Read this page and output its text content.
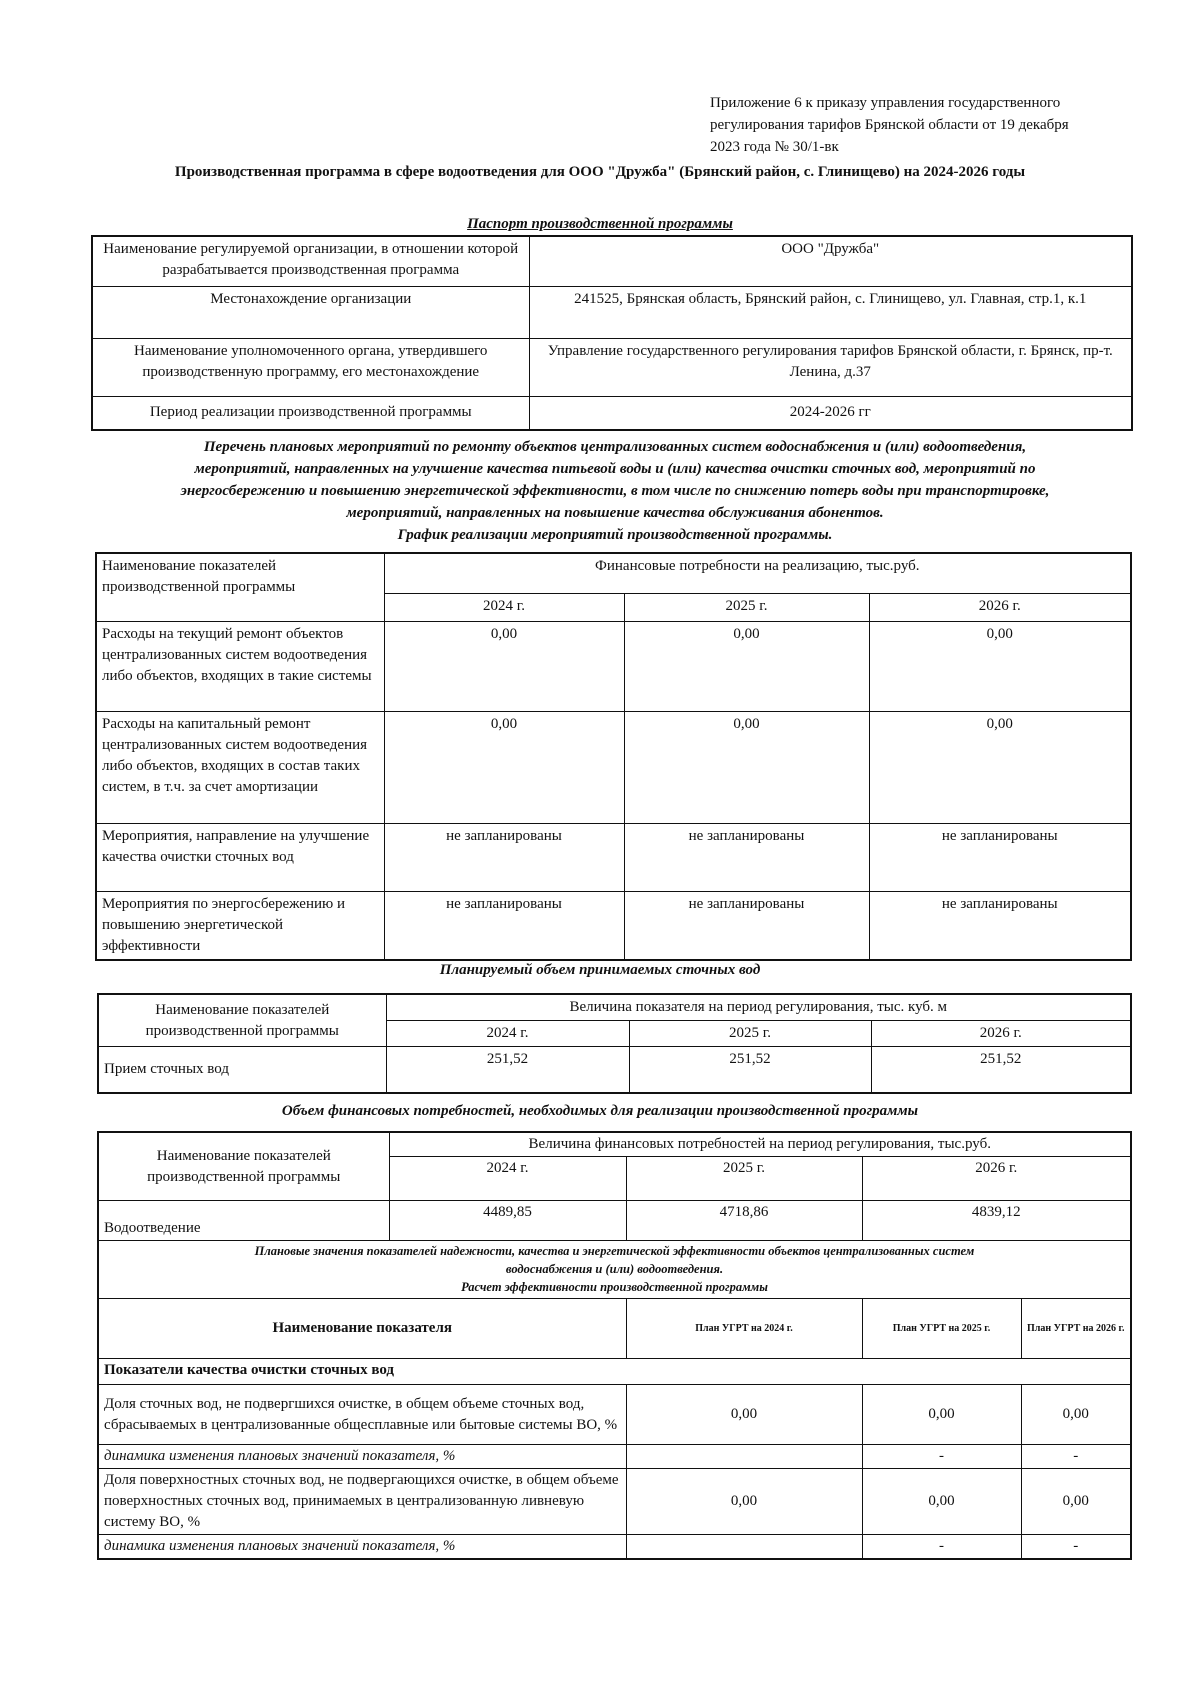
Приложение 6 к приказу управления государственного
регулирования тарифов Брянской области от 19 декабря
2023 года № 30/1-вк
Производственная программа в сфере водоотведения для ООО "Дружба" (Брянский район, с. Глинищево) на 2024-2026 годы
Паспорт производственной программы
Наименование регулируемой организации, в отношении которой разрабатывается производственная программа	ООО "Дружба"
Местонахождение организации	241525, Брянская область, Брянский район, с. Глинищево, ул. Главная, стр.1, к.1
Наименование уполномоченного органа, утвердившего производственную программу, его местонахождение	Управление государственного регулирования тарифов Брянской области, г. Брянск, пр-т. Ленина, д.37
Период реализации производственной программы	2024-2026 гг
Перечень плановых мероприятий по ремонту объектов централизованных систем водоснабжения и (или) водоотведения,
мероприятий, направленных на улучшение качества питьевой воды и (или) качества очистки сточных вод, мероприятий по
энергосбережению и повышению энергетической эффективности, в том числе по снижению потерь воды при транспортировке,
мероприятий, направленных на повышение качества обслуживания абонентов.
График реализации мероприятий производственной программы.
Наименование показателей производственной программы	Финансовые потребности на реализацию, тыс.руб.		
	2024 г.	2025 г.	2026 г.
Расходы на текущий ремонт объектов централизованных систем водоотведения либо объектов, входящих в такие системы	0,00	0,00	0,00
Расходы на капитальный ремонт централизованных систем водоотведения либо объектов, входящих в состав таких систем, в т.ч. за счет амортизации	0,00	0,00	0,00
Мероприятия, направление на улучшение качества очистки сточных вод	не запланированы	не запланированы	не запланированы
Мероприятия по энергосбережению и повышению энергетической эффективности	не запланированы	не запланированы	не запланированы
Планируемый объем принимаемых сточных вод
Наименование показателей производственной программы	Величина показателя на период регулирования, тыс. куб. м		
	2024 г.	2025 г.	2026 г.
Прием сточных вод	251,52	251,52	251,52
Объем финансовых потребностей, необходимых для реализации производственной программы
Наименование показателей производственной программы	Величина финансовых потребностей на период регулирования, тыс.руб.			
	2024 г.	2025 г.	2026 г.	
Водоотведение	4489,85	4718,86	4839,12	

Плановые значения показателей надежности, качества и энергетической эффективности объектов централизованных систем
водоснабжения и (или) водоотведения.
Расчет эффективности производственной программы				

Наименование показателя		План УГРТ на 2024 г.	План УГРТ на 2025 г.	План УГРТ на 2026 г.
Показатели качества очистки сточных вод				
Доля сточных вод, не подвергшихся очистке, в общем объеме сточных вод, сбрасываемых в централизованные общесплавные или бытовые системы ВО, %		0,00	0,00	0,00
динамика изменения плановых значений показателя, %			-	-
Доля поверхностных сточных вод, не подвергающихся очистке, в общем объеме поверхностных сточных вод, принимаемых в централизованную ливневую систему ВО, %		0,00	0,00	0,00
динамика изменения плановых значений показателя, %			-	-
